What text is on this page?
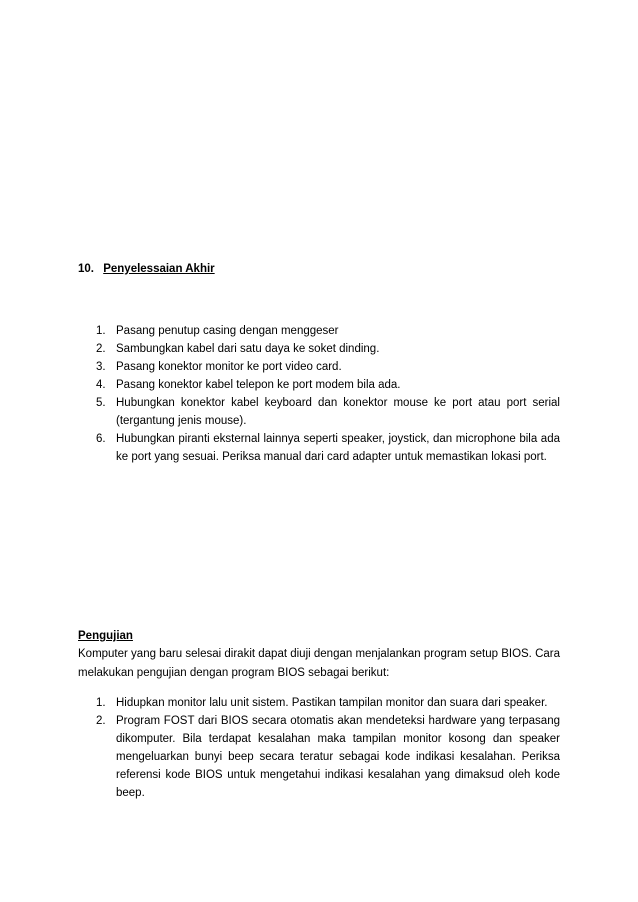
10. Penyelessaian Akhir

1. Pasang penutup casing dengan menggeser
2. Sambungkan kabel dari satu daya ke soket dinding.
3. Pasang konektor monitor ke port video card.
4. Pasang konektor kabel telepon ke port modem bila ada.
5. Hubungkan konektor kabel keyboard dan konektor mouse ke port atau port serial (tergantung jenis mouse).
6. Hubungkan piranti eksternal lainnya seperti speaker, joystick, dan microphone bila ada ke port yang sesuai. Periksa manual dari card adapter untuk memastikan lokasi port.

Pengujian

Komputer yang baru selesai dirakit dapat diuji dengan menjalankan program setup BIOS. Cara melakukan pengujian dengan program BIOS sebagai berikut:

1. Hidupkan monitor lalu unit sistem. Pastikan tampilan monitor dan suara dari speaker.
2. Program FOST dari BIOS secara otomatis akan mendeteksi hardware yang terpasang dikomputer. Bila terdapat kesalahan maka tampilan monitor kosong dan speaker mengeluarkan bunyi beep secara teratur sebagai kode indikasi kesalahan. Periksa referensi kode BIOS untuk mengetahui indikasi kesalahan yang dimaksud oleh kode beep.
